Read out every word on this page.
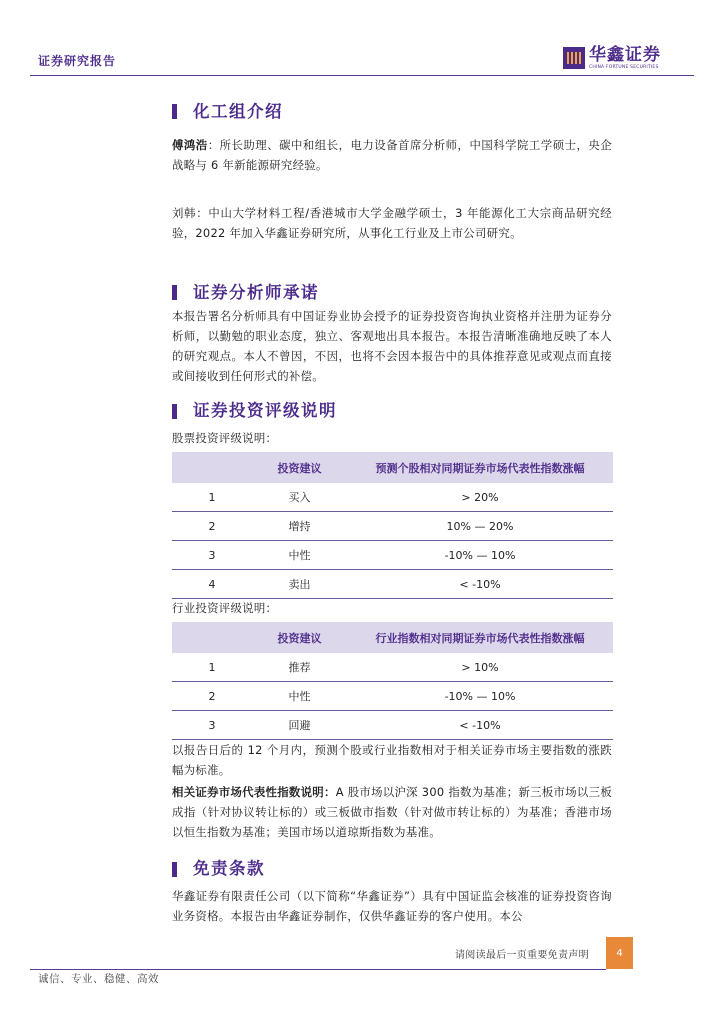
证券研究报告	华鑫证券
CHINA FORTUNE SECURITIES
化工组介绍
傅鸿浩：所长助理、碳中和组长，电力设备首席分析师，中国科学院工学硕士，央企战略与 6 年新能源研究经验。
刘韩：中山大学材料工程/香港城市大学金融学硕士，3 年能源化工大宗商品研究经验，2022 年加入华鑫证券研究所，从事化工行业及上市公司研究。
证券分析师承诺
本报告署名分析师具有中国证券业协会授予的证券投资咨询执业资格并注册为证券分析师，以勤勉的职业态度，独立、客观地出具本报告。本报告清晰准确地反映了本人的研究观点。本人不曾因，不因，也将不会因本报告中的具体推荐意见或观点而直接或间接收到任何形式的补偿。
证券投资评级说明
股票投资评级说明：
	投资建议	预测个股相对同期证券市场代表性指数涨幅
1	买入	> 20%
2	增持	10% — 20%
3	中性	-10% — 10%
4	卖出	< -10%
行业投资评级说明：
	投资建议	行业指数相对同期证券市场代表性指数涨幅
1	推荐	> 10%
2	中性	-10% — 10%
3	回避	< -10%
以报告日后的 12 个月内，预测个股或行业指数相对于相关证券市场主要指数的涨跌幅为标准。
相关证券市场代表性指数说明：A 股市场以沪深 300 指数为基准；新三板市场以三板成指（针对协议转让标的）或三板做市指数（针对做市转让标的）为基准；香港市场以恒生指数为基准；美国市场以道琼斯指数为基准。
免责条款
华鑫证券有限责任公司（以下简称“华鑫证券”）具有中国证监会核准的证券投资咨询业务资格。本报告由华鑫证券制作，仅供华鑫证券的客户使用。本公
请阅读最后一页重要免责声明	4
诚信、专业、稳健、高效
